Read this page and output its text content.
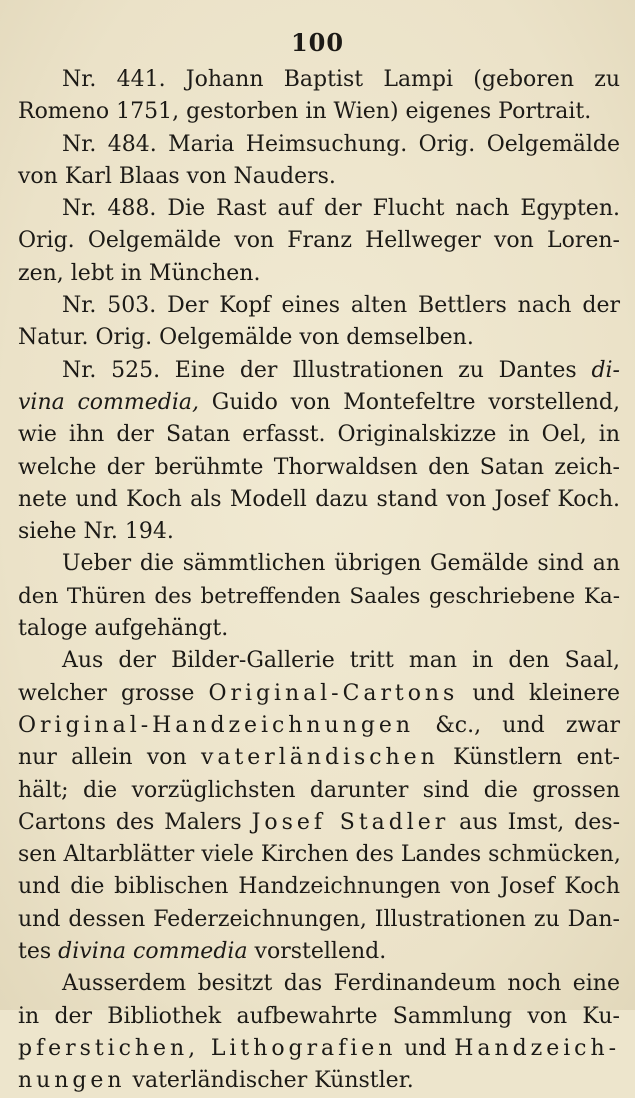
100
Nr. 441. Johann Baptist Lampi (geboren zu
Romeno 1751, gestorben in Wien) eigenes Portrait.
Nr. 484. Maria Heimsuchung. Orig. Oelgemälde
von Karl Blaas von Nauders.
Nr. 488. Die Rast auf der Flucht nach Egypten.
Orig. Oelgemälde von Franz Hellweger von Loren-
zen, lebt in München.
Nr. 503. Der Kopf eines alten Bettlers nach der
Natur. Orig. Oelgemälde von demselben.
Nr. 525. Eine der Illustrationen zu Dantes di-
vina commedia, Guido von Montefeltre vorstellend,
wie ihn der Satan erfasst. Originalskizze in Oel, in
welche der berühmte Thorwaldsen den Satan zeich-
nete und Koch als Modell dazu stand von Josef Koch.
siehe Nr. 194.
Ueber die sämmtlichen übrigen Gemälde sind an
den Thüren des betreffenden Saales geschriebene Ka-
taloge aufgehängt.
Aus der Bilder-Gallerie tritt man in den Saal,
welcher grosse Original-Cartons und kleinere
Original-Handzeichnungen &c., und zwar
nur allein von vaterländischen Künstlern ent-
hält; die vorzüglichsten darunter sind die grossen
Cartons des Malers Josef Stadler aus Imst, des-
sen Altarblätter viele Kirchen des Landes schmücken,
und die biblischen Handzeichnungen von Josef Koch
und dessen Federzeichnungen, Illustrationen zu Dan-
tes divina commedia vorstellend.
Ausserdem besitzt das Ferdinandeum noch eine
in der Bibliothek aufbewahrte Sammlung von Ku-
pferstichen, Lithografien und Handzeich-
nungen vaterländischer Künstler.
